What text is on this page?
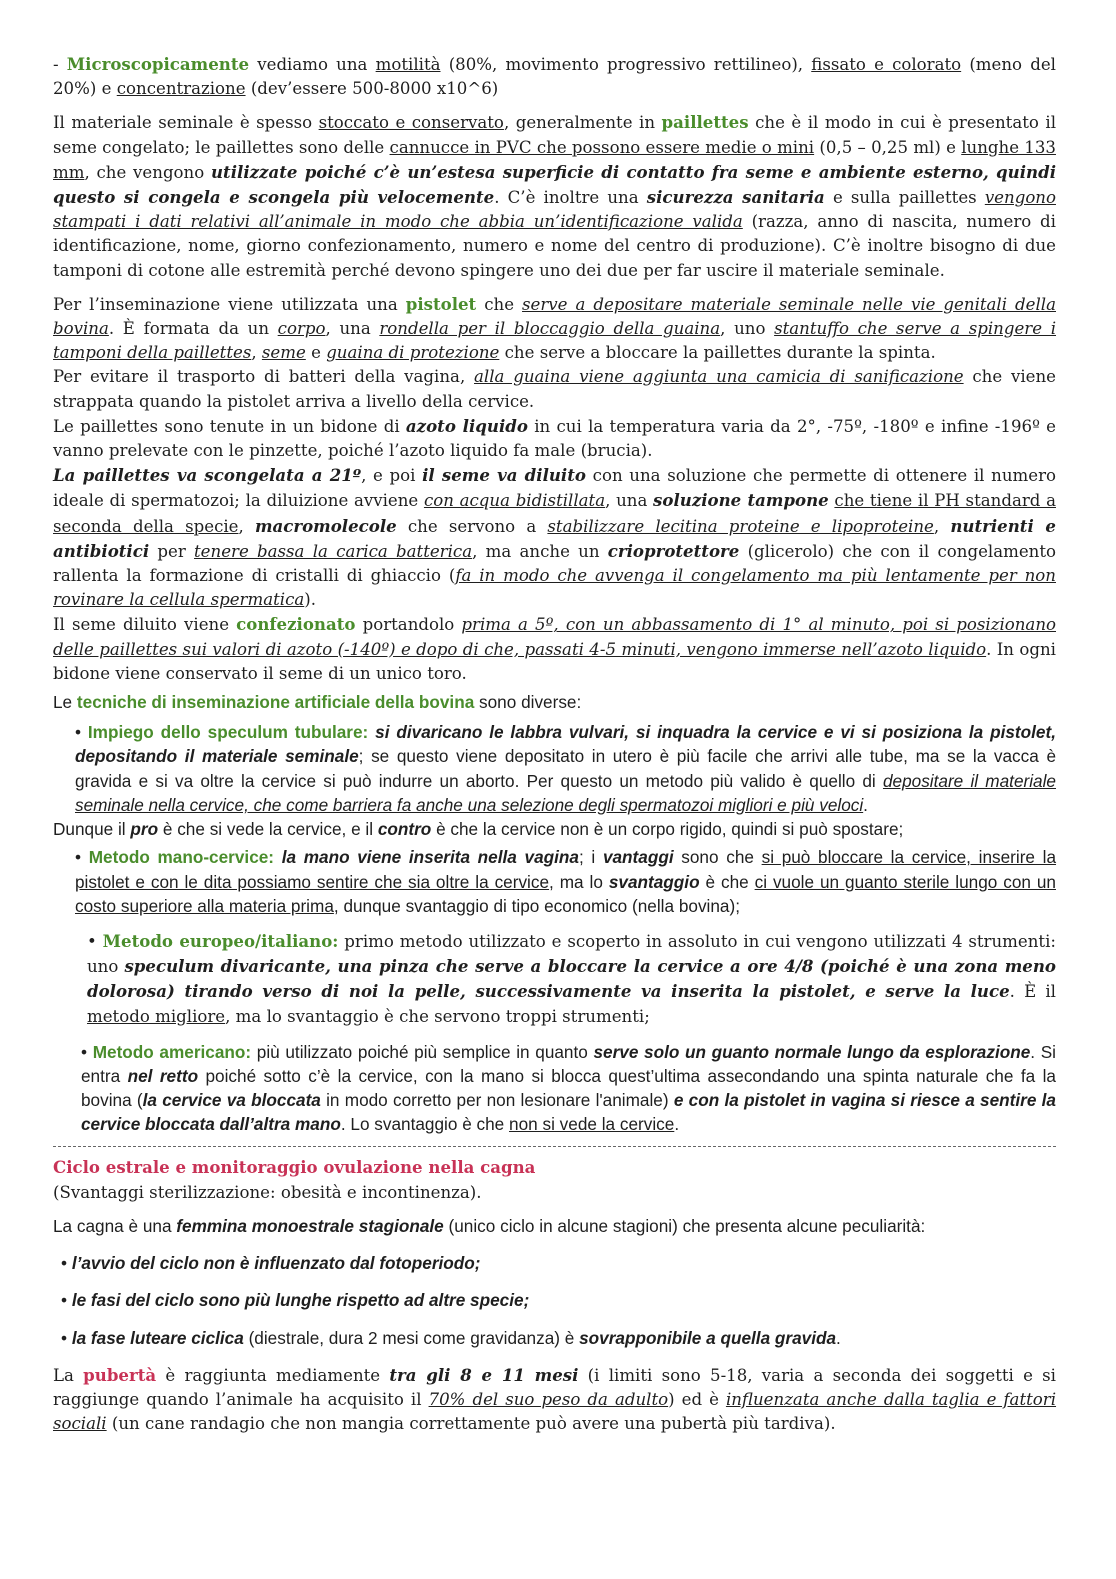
- Microscopicamente vediamo una motilità (80%, movimento progressivo rettilineo), fissato e colorato (meno del 20%) e concentrazione (dev’essere 500-8000 x10^6)

Il materiale seminale è spesso stoccato e conservato, generalmente in paillettes che è il modo in cui è presentato il seme congelato; le paillettes sono delle cannucce in PVC che possono essere medie o mini (0,5 – 0,25 ml) e lunghe 133 mm, che vengono utilizzate poiché c’è un’estesa superficie di contatto fra seme e ambiente esterno, quindi questo si congela e scongela più velocemente. C’è inoltre una sicurezza sanitaria e sulla paillettes vengono stampati i dati relativi all’animale in modo che abbia un’identificazione valida (razza, anno di nascita, numero di identificazione, nome, giorno confezionamento, numero e nome del centro di produzione). C’è inoltre bisogno di due tamponi di cotone alle estremità perché devono spingere uno dei due per far uscire il materiale seminale.

Per l’inseminazione viene utilizzata una pistolet che serve a depositare materiale seminale nelle vie genitali della bovina. È formata da un corpo, una rondella per il bloccaggio della guaina, uno stantuffo che serve a spingere i tamponi della paillettes, seme e guaina di protezione che serve a bloccare la paillettes durante la spinta.

Per evitare il trasporto di batteri della vagina, alla guaina viene aggiunta una camicia di sanificazione che viene strappata quando la pistolet arriva a livello della cervice.

Le paillettes sono tenute in un bidone di azoto liquido in cui la temperatura varia da 2°, -75º, -180º e infine -196º e vanno prelevate con le pinzette, poiché l’azoto liquido fa male (brucia).

La paillettes va scongelata a 21º, e poi il seme va diluito con una soluzione che permette di ottenere il numero ideale di spermatozoi; la diluizione avviene con acqua bidistillata, una soluzione tampone che tiene il PH standard a seconda della specie, macromolecole che servono a stabilizzare lecitina proteine e lipoproteine, nutrienti e antibiotici per tenere bassa la carica batterica, ma anche un crioprotettore (glicerolo) che con il congelamento rallenta la formazione di cristalli di ghiaccio (fa in modo che avvenga il congelamento ma più lentamente per non rovinare la cellula spermatica).

Il seme diluito viene confezionato portandolo prima a 5º, con un abbassamento di 1° al minuto, poi si posizionano delle paillettes sui valori di azoto (-140º) e dopo di che, passati 4-5 minuti, vengono immerse nell’azoto liquido. In ogni bidone viene conservato il seme di un unico toro.

Le tecniche di inseminazione artificiale della bovina sono diverse:

• Impiego dello speculum tubulare: si divaricano le labbra vulvari, si inquadra la cervice e vi si posiziona la pistolet, depositando il materiale seminale; se questo viene depositato in utero è più facile che arrivi alle tube, ma se la vacca è gravida e si va oltre la cervice si può indurre un aborto. Per questo un metodo più valido è quello di depositare il materiale seminale nella cervice, che come barriera fa anche una selezione degli spermatozoi migliori e più veloci.

Dunque il pro è che si vede la cervice, e il contro è che la cervice non è un corpo rigido, quindi si può spostare;

• Metodo mano-cervice: la mano viene inserita nella vagina; i vantaggi sono che si può bloccare la cervice, inserire la pistolet e con le dita possiamo sentire che sia oltre la cervice, ma lo svantaggio è che ci vuole un guanto sterile lungo con un costo superiore alla materia prima, dunque svantaggio di tipo economico (nella bovina);

• Metodo europeo/italiano: primo metodo utilizzato e scoperto in assoluto in cui vengono utilizzati 4 strumenti: uno speculum divaricante, una pinza che serve a bloccare la cervice a ore 4/8 (poiché è una zona meno dolorosa) tirando verso di noi la pelle, successivamente va inserita la pistolet, e serve la luce. È il metodo migliore, ma lo svantaggio è che servono troppi strumenti;

• Metodo americano: più utilizzato poiché più semplice in quanto serve solo un guanto normale lungo da esplorazione. Si entra nel retto poiché sotto c’è la cervice, con la mano si blocca quest’ultima assecondando una spinta naturale che fa la bovina (la cervice va bloccata in modo corretto per non lesionare l'animale) e con la pistolet in vagina si riesce a sentire la cervice bloccata dall’altra mano. Lo svantaggio è che non si vede la cervice.

Ciclo estrale e monitoraggio ovulazione nella cagna

(Svantaggi sterilizzazione: obesità e incontinenza).

La cagna è una femmina monoestrale stagionale (unico ciclo in alcune stagioni) che presenta alcune peculiarità:

• l’avvio del ciclo non è influenzato dal fotoperiodo;
• le fasi del ciclo sono più lunghe rispetto ad altre specie;
• la fase luteare ciclica (diestrale, dura 2 mesi come gravidanza) è sovrapponibile a quella gravida.

La pubertà è raggiunta mediamente tra gli 8 e 11 mesi (i limiti sono 5-18, varia a seconda dei soggetti e si raggiunge quando l’animale ha acquisito il 70% del suo peso da adulto) ed è influenzata anche dalla taglia e fattori sociali (un cane randagio che non mangia correttamente può avere una pubertà più tardiva).
